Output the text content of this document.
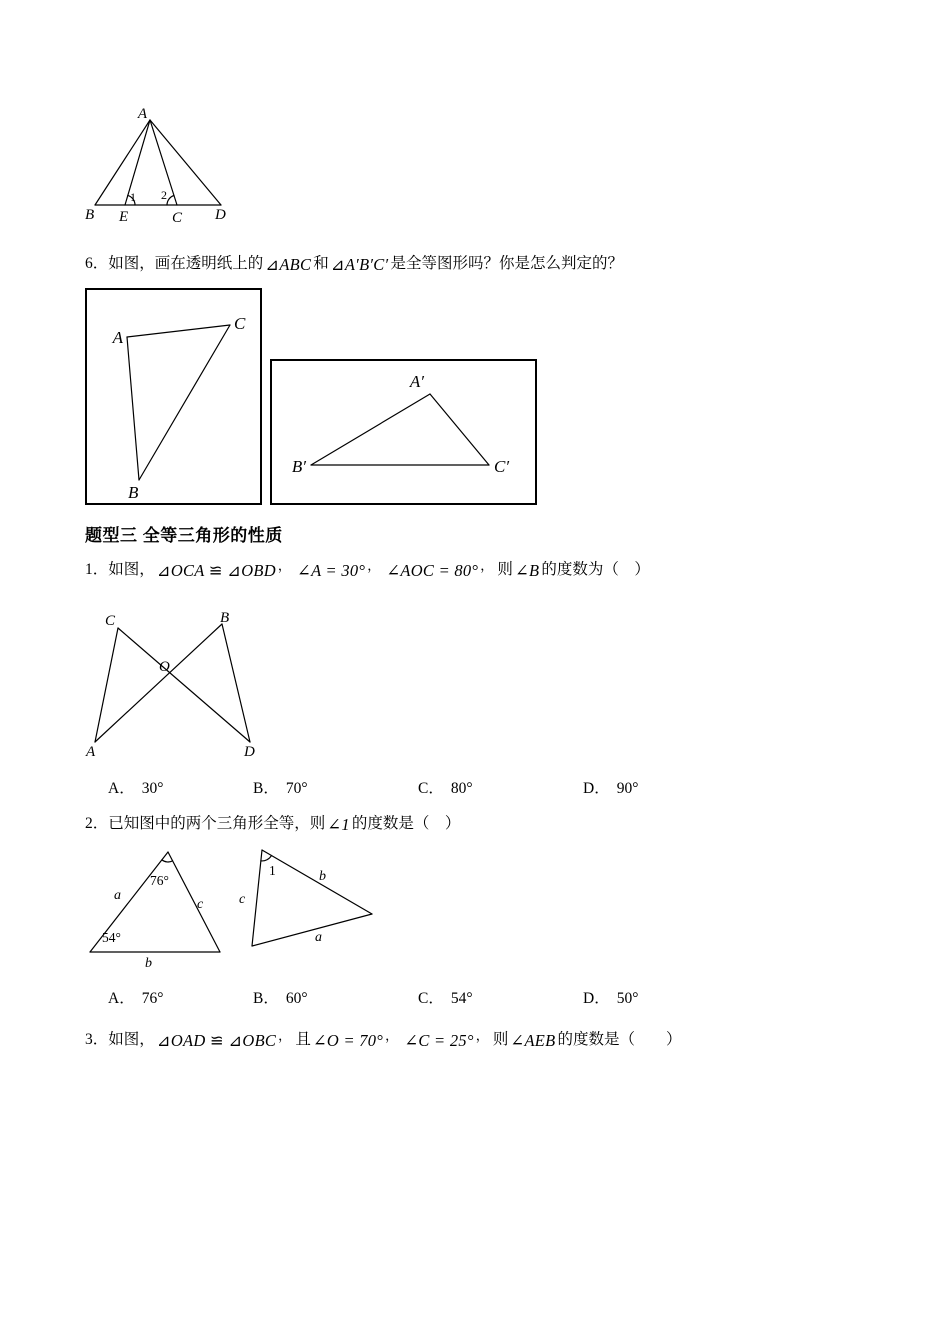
A
B E	C D
1 2
6．如图，画在透明纸上的 ⊿ABC 和 ⊿A′B′C′ 是全等图形吗？你是怎么判定的？
A
C
B
A′
B′	C′
题型三 全等三角形的性质
1．如图， ⊿OCA ≌ ⊿OBD ， ∠A = 30° ， ∠AOC = 80° ， 则 ∠B 的度数为（　）
C	B
O
A	D
A． 30°	B． 70°	C． 80°	D． 90°
2．已知图中的两个三角形全等，则 ∠1 的度数是（　）
76°
a
c
54°
b
1	b
c
a
A． 76°	B． 60°	C． 54°	D． 50°
3．如图， ⊿OAD ≌ ⊿OBC ， 且 ∠O = 70° ， ∠C = 25° ， 则 ∠AEB 的度数是（　　）
